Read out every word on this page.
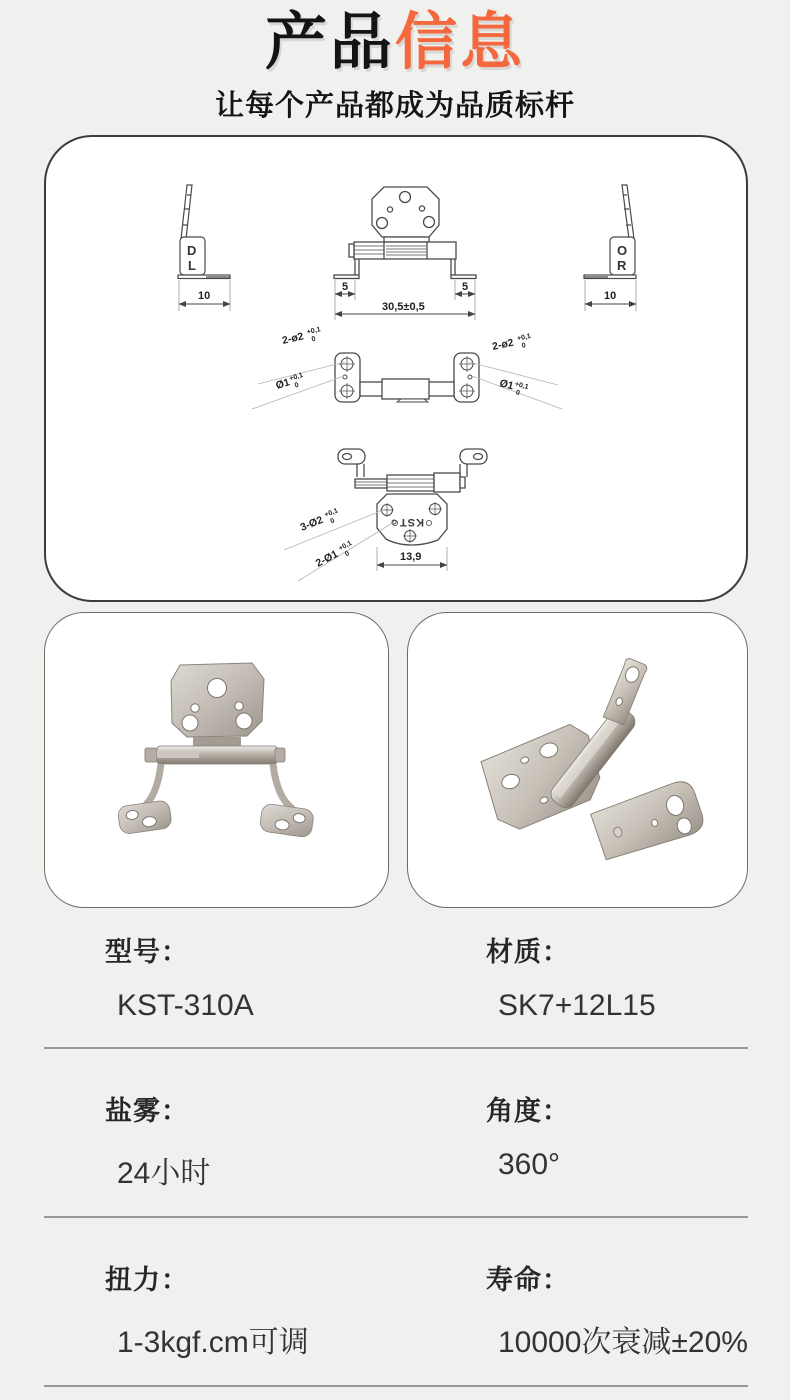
产品信息
让每个产品都成为品质标杆
D
L
10
O
R
10
5	5
30,5±0,5
2-ø2 +0,1
0
Ø1
+0,1
0
2-ø2 +0,1
0
Ø1 +0,1
0
KST
3-Ø2
+0,1
0
2-Ø1
+0,1
0	13,9
型号：
KST-310A
材质：
SK7+12L15
盐雾：
24小时
角度：
360°
扭力：
1-3kgf.cm可调
寿命：
10000次衰减±20%
